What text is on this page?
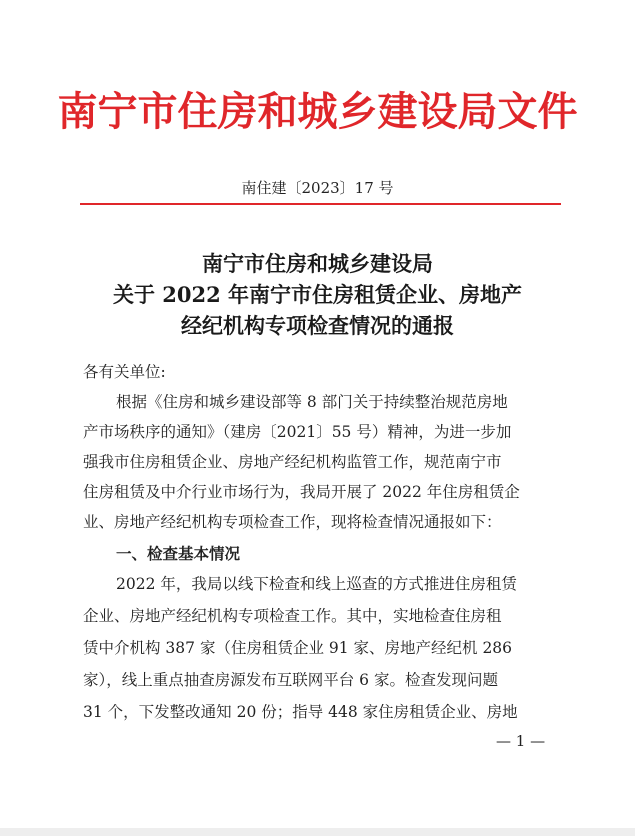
南宁市住房和城乡建设局文件
南住建〔2023〕17 号
南宁市住房和城乡建设局
关于 2022 年南宁市住房租赁企业、房地产
经纪机构专项检查情况的通报
各有关单位:
根据《住房和城乡建设部等 8 部门关于持续整治规范房地
产市场秩序的通知》（建房〔2021〕55 号）精神，为进一步加
强我市住房租赁企业、房地产经纪机构监管工作，规范南宁市
住房租赁及中介行业市场行为，我局开展了 2022 年住房租赁企
业、房地产经纪机构专项检查工作，现将检查情况通报如下：
一、检查基本情况
2022 年，我局以线下检查和线上巡查的方式推进住房租赁
企业、房地产经纪机构专项检查工作。其中，实地检查住房租
赁中介机构 387 家（住房租赁企业 91 家、房地产经纪机 286
家），线上重点抽查房源发布互联网平台 6 家。检查发现问题
31 个，下发整改通知 20 份；指导 448 家住房租赁企业、房地
— 1 —
